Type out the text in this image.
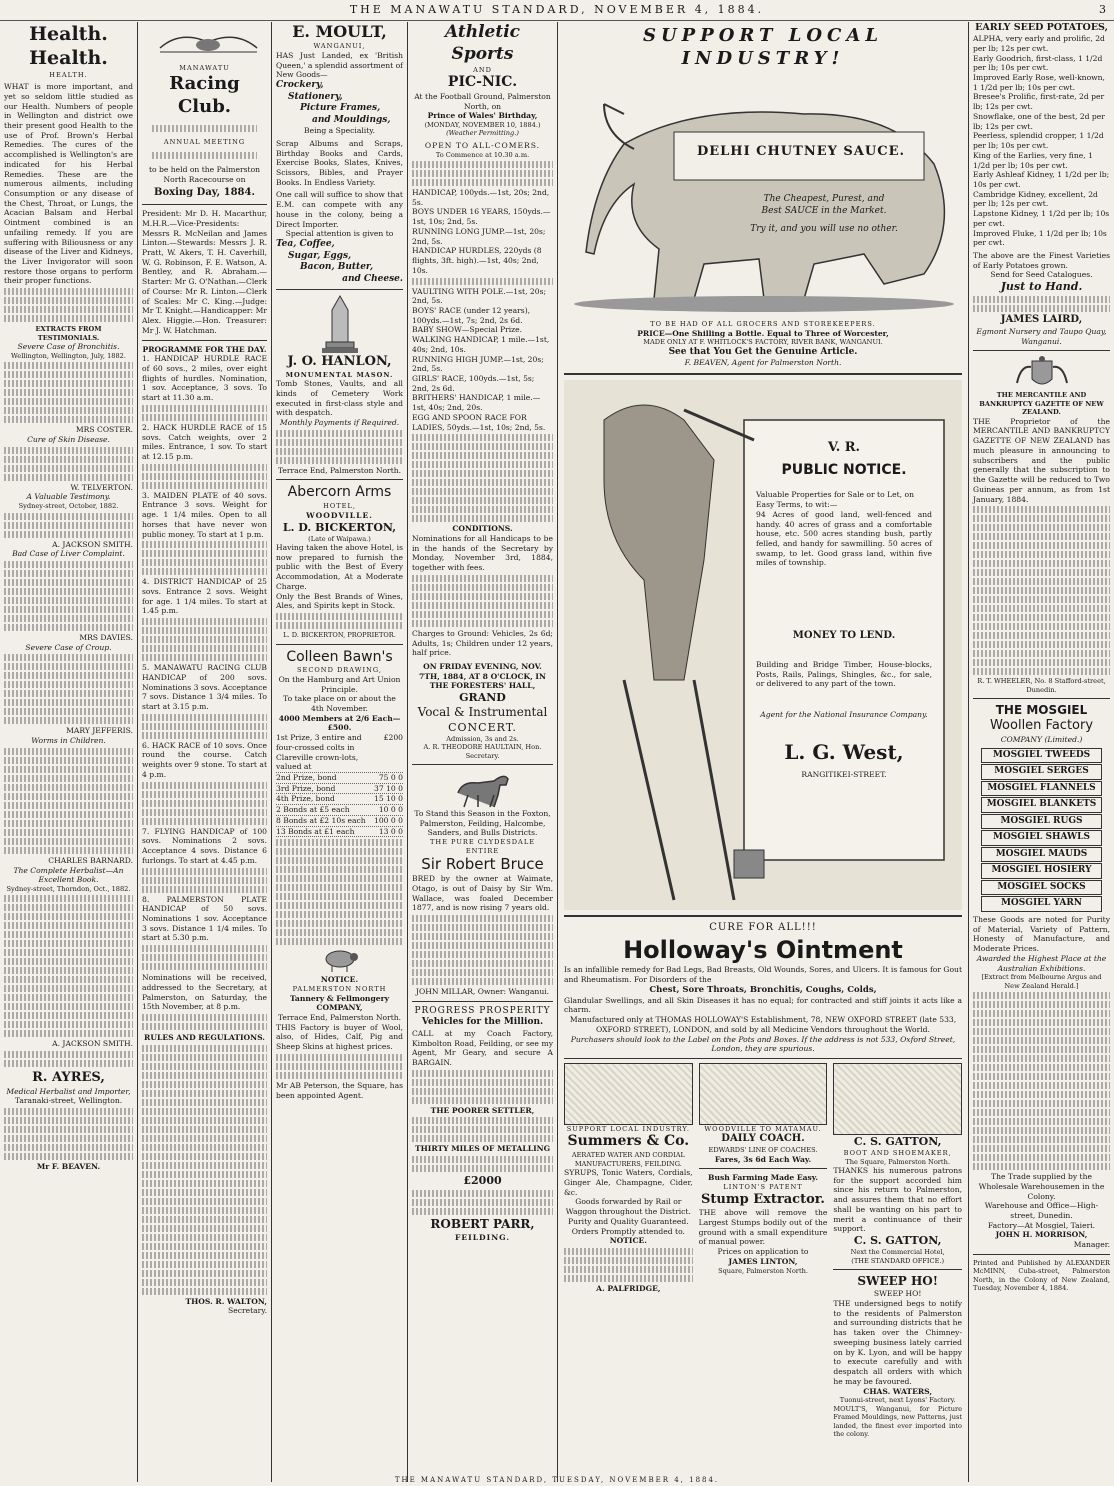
THE MANAWATU STANDARD, NOVEMBER 4, 1884.	3
Health. Health.
HEALTH.
WHAT is more important, and yet so seldom little studied as our Health. Numbers of people in Wellington and district owe their present good Health to the use of Prof. Brown's Herbal Remedies. The cures of the accomplished is Wellington's are indicated for his Herbal Remedies. These are the numerous ailments, including Consumption or any disease of the Chest, Throat, or Lungs, the Acacian Balsam and Herbal Ointment combined is an unfailing remedy. If you are suffering with Biliousness or any disease of the Liver and Kidneys, the Liver Invigorator will soon restore those organs to perform their proper functions.
EXTRACTS FROM TESTIMONIALS.
Severe Case of Bronchitis.
Wellington, Wellington, July, 1882.
MRS COSTER.
Cure of Skin Disease.
W. TELVERTON.
A Valuable Testimony.
Sydney-street, October, 1882.
A. JACKSON SMITH.
Bad Case of Liver Complaint.
MRS DAVIES.
Severe Case of Croup.
MARY JEFFERIS.
Worms in Children.
CHARLES BARNARD.
The Complete Herbalist—An Excellent Book.
Sydney-street, Thorndon, Oct., 1882.
A. JACKSON SMITH.
R. AYRES,
Medical Herbalist and Importer,
Taranaki-street, Wellington.
Mr F. BEAVEN.
MANAWATU
Racing Club.
ANNUAL MEETING
to be held on the Palmerston North Racecourse on
Boxing Day, 1884.
President: Mr D. H. Macarthur, M.H.R.—Vice-Presidents: Messrs R. McNeilan and James Linton.—Stewards: Messrs J. R. Pratt, W. Akers, T. H. Caverhill, W. G. Robinson, F. E. Watson, A. Bentley, and R. Abraham.—Starter: Mr G. O'Nathan.—Clerk of Course: Mr R. Linton.—Clerk of Scales: Mr C. King.—Judge: Mr T. Knight.—Handicapper: Mr Alex. Higgie.—Hon. Treasurer: Mr J. W. Hatchman.
PROGRAMME FOR THE DAY.
1. HANDICAP HURDLE RACE of 60 sovs., 2 miles, over eight flights of hurdles. Nomination, 1 sov. Acceptance, 3 sovs. To start at 11.30 a.m.
2. HACK HURDLE RACE of 15 sovs. Catch weights, over 2 miles. Entrance, 1 sov. To start at 12.15 p.m.
3. MAIDEN PLATE of 40 sovs. Entrance 3 sovs. Weight for age. 1 1/4 miles. Open to all horses that have never won public money. To start at 1 p.m.
4. DISTRICT HANDICAP of 25 sovs. Entrance 2 sovs. Weight for age. 1 1/4 miles. To start at 1.45 p.m.
5. MANAWATU RACING CLUB HANDICAP of 200 sovs. Nominations 3 sovs. Acceptance 7 sovs. Distance 1 3/4 miles. To start at 3.15 p.m.
6. HACK RACE of 10 sovs. Once round the course. Catch weights over 9 stone. To start at 4 p.m.
7. FLYING HANDICAP of 100 sovs. Nominations 2 sovs. Acceptance 4 sovs. Distance 6 furlongs. To start at 4.45 p.m.
8. PALMERSTON PLATE HANDICAP of 50 sovs. Nominations 1 sov. Acceptance 3 sovs. Distance 1 1/4 miles. To start at 5.30 p.m.
Nominations will be received, addressed to the Secretary, at Palmerston, on Saturday, the 15th November, at 8 p.m.
RULES AND REGULATIONS.
THOS. R. WALTON,
Secretary.
E. MOULT,
WANGANUI,
HAS Just Landed, ex 'British Queen,' a splendid assortment of New Goods—
Crockery,
Stationery,
Picture Frames,
and Mouldings,
Being a Speciality.
Scrap Albums and Scraps, Birthday Books and Cards, Exercise Books, Slates, Knives, Scissors, Bibles, and Prayer Books. In Endless Variety.
One call will suffice to show that E.M. can compete with any house in the colony, being a Direct Importer.
Special attention is given to
Tea, Coffee,
Sugar, Eggs,
Bacon, Butter,
and Cheese.
J. O. HANLON,
MONUMENTAL MASON.
Tomb Stones, Vaults, and all kinds of Cemetery Work executed in first-class style and with despatch.
Monthly Payments if Required.
Terrace End, Palmerston North.
Abercorn Arms
HOTEL,
WOODVILLE.
L. D. BICKERTON,
(Late of Waipawa.)
Having taken the above Hotel, is now prepared to furnish the public with the Best of Every Accommodation, At a Moderate Charge.
Only the Best Brands of Wines, Ales, and Spirits kept in Stock.
L. D. BICKERTON, PROPRIETOR.
Colleen Bawn's
SECOND DRAWING,
On the Hamburg and Art Union Principle.
To take place on or about the 4th November.
4000 Members at 2/6 Each—£500.
1st Prize, 3 entire and four-crossed colts in Clareville crown-lots, valued at
£200
2nd Prize, bond	75 0 0
3rd Prize, bond	37 10 0
4th Prize, bond	15 10 0
2 Bonds at £5 each	10 0 0
8 Bonds at £2 10s each	100 0 0
13 Bonds at £1 each	13 0 0
NOTICE.
PALMERSTON NORTH
Tannery & Fellmongery COMPANY,
Terrace End, Palmerston North.
THIS Factory is buyer of Wool, also, of Hides, Calf, Pig and Sheep Skins at highest prices.
Mr AB Peterson, the Square, has been appointed Agent.
Athletic Sports
AND
PIC-NIC.
At the Football Ground, Palmerston North, on
Prince of Wales' Birthday,
(MONDAY, NOVEMBER 10, 1884.)
(Weather Permitting.)
OPEN TO ALL-COMERS.
To Commence at 10.30 a.m.
HANDICAP, 100yds.—1st, 20s; 2nd, 5s.
BOYS UNDER 16 YEARS, 150yds.—1st, 10s; 2nd, 5s.
RUNNING LONG JUMP.—1st, 20s; 2nd, 5s.
HANDICAP HURDLES, 220yds (8 flights, 3ft. high).—1st, 40s; 2nd, 10s.
VAULTING WITH POLE.—1st, 20s; 2nd, 5s.
BOYS' RACE (under 12 years), 100yds.—1st, 7s; 2nd, 2s 6d.
BABY SHOW—Special Prize.
WALKING HANDICAP, 1 mile.—1st, 40s; 2nd, 10s.
RUNNING HIGH JUMP.—1st, 20s; 2nd, 5s.
GIRLS' RACE, 100yds.—1st, 5s; 2nd, 2s 6d.
BRITHERS' HANDICAP, 1 mile.—1st, 40s; 2nd, 20s.
EGG AND SPOON RACE FOR LADIES, 50yds.—1st, 10s; 2nd, 5s.
CONDITIONS.
Nominations for all Handicaps to be in the hands of the Secretary by Monday, November 3rd, 1884, together with fees.
Charges to Ground: Vehicles, 2s 6d; Adults, 1s; Children under 12 years, half price.
ON FRIDAY EVENING, NOV. 7TH, 1884, AT 8 O'CLOCK, IN THE FORESTERS' HALL,
GRAND
Vocal & Instrumental
CONCERT.
Admission, 3s and 2s.
A. R. THEODORE HAULTAIN, Hon. Secretary.
To Stand this Season in the Foxton, Palmerston, Feilding, Halcombe, Sanders, and Bulls Districts.
THE PURE CLYDESDALE ENTIRE
Sir Robert Bruce
BRED by the owner at Waimate, Otago, is out of Daisy by Sir Wm. Wallace, was foaled December 1877, and is now rising 7 years old.
JOHN MILLAR, Owner: Wanganui.
PROGRESS PROSPERITY
Vehicles for the Million.
CALL at my Coach Factory, Kimbolton Road, Feilding, or see my Agent, Mr Geary, and secure A BARGAIN.
THE POORER SETTLER,
THIRTY MILES OF METALLING
£2000
ROBERT PARR,
FEILDING.
SUPPORT LOCAL INDUSTRY!
DELHI CHUTNEY SAUCE.
The Cheapest, Purest, and
Best SAUCE in the Market.
Try it, and you will use no other.
TO BE HAD OF ALL GROCERS AND STOREKEEPERS.
PRICE—One Shilling a Bottle. Equal to Three of Worcester,
MADE ONLY AT F. WHITLOCK'S FACTORY, RIVER BANK, WANGANUI.
See that You Get the Genuine Article.
F. BEAVEN, Agent for Palmerston North.
V. R.
PUBLIC NOTICE.
Valuable Properties for Sale or to Let, on Easy Terms, to wit:—
94 Acres of good land, well-fenced and handy. 40 acres of grass and a comfortable house, etc. 500 acres standing bush, partly felled, and handy for sawmilling. 50 acres of swamp, to let. Good grass land, within five miles of township.
MONEY TO LEND.
Building and Bridge Timber, House-blocks, Posts, Rails, Palings, Shingles, &c., for sale, or delivered to any part of the town.
Agent for the National Insurance Company.
L. G. West,
RANGITIKEI-STREET.
CURE FOR ALL!!!
Holloway's Ointment
Is an infallible remedy for Bad Legs, Bad Breasts, Old Wounds, Sores, and Ulcers. It is famous for Gout and Rheumatism. For Disorders of the
Chest, Sore Throats, Bronchitis, Coughs, Colds,
Glandular Swellings, and all Skin Diseases it has no equal; for contracted and stiff joints it acts like a charm.
Manufactured only at THOMAS HOLLOWAY'S Establishment, 78, NEW OXFORD STREET (late 533, OXFORD STREET), LONDON, and sold by all Medicine Vendors throughout the World.
Purchasers should look to the Label on the Pots and Boxes. If the address is not 533, Oxford Street, London, they are spurious.
SUPPORT LOCAL INDUSTRY.
Summers & Co.
AERATED WATER AND CORDIAL MANUFACTURERS, FEILDING.
SYRUPS, Tonic Waters, Cordials, Ginger Ale, Champagne, Cider, &c.
Goods forwarded by Rail or Waggon throughout the District.
Purity and Quality Guaranteed.
Orders Promptly attended to.
NOTICE.
A. PALFRIDGE,
WOODVILLE TO MATAMAU.
DAILY COACH.
EDWARDS' LINE OF COACHES.
Fares, 3s 6d Each Way.
Bush Farming Made Easy.
LINTON'S PATENT
Stump Extractor.
THE above will remove the Largest Stumps bodily out of the ground with a small expenditure of manual power.
Prices on application to
JAMES LINTON,
Square, Palmerston North.
C. S. GATTON,
BOOT AND SHOEMAKER,
The Square, Palmerston North.
THANKS his numerous patrons for the support accorded him since his return to Palmerston, and assures them that no effort shall be wanting on his part to merit a continuance of their support.
C. S. GATTON,
Next the Commercial Hotel,
(THE STANDARD OFFICE.)
SWEEP HO!
SWEEP HO!
THE undersigned begs to notify to the residents of Palmerston and surrounding districts that he has taken over the Chimney-sweeping business lately carried on by K. Lyon, and will be happy to execute carefully and with despatch all orders with which he may be favoured.
CHAS. WATERS,
Tuonui-street, next Lyons' Factory.
MOULT'S, Wanganui, for Picture Framed Mouldings, new Patterns, just landed, the finest ever imported into the colony.
EARLY SEED POTATOES,
ALPHA, very early and prolific, 2d per lb; 12s per cwt.
Early Goodrich, first-class, 1 1/2d per lb; 10s per cwt.
Improved Early Rose, well-known, 1 1/2d per lb; 10s per cwt.
Bresee's Prolific, first-rate, 2d per lb; 12s per cwt.
Snowflake, one of the best, 2d per lb; 12s per cwt.
Peerless, splendid cropper, 1 1/2d per lb; 10s per cwt.
King of the Earlies, very fine, 1 1/2d per lb; 10s per cwt.
Early Ashleaf Kidney, 1 1/2d per lb; 10s per cwt.
Cambridge Kidney, excellent, 2d per lb; 12s per cwt.
Lapstone Kidney, 1 1/2d per lb; 10s per cwt.
Improved Fluke, 1 1/2d per lb; 10s per cwt.
The above are the Finest Varieties of Early Potatoes grown.
Send for Seed Catalogues.
Just to Hand.
JAMES LAIRD,
Egmont Nursery and Taupo Quay, Wanganui.
THE MERCANTILE AND BANKRUPTCY GAZETTE OF NEW ZEALAND.
THE Proprietor of the MERCANTILE AND BANKRUPTCY GAZETTE OF NEW ZEALAND has much pleasure in announcing to subscribers and the public generally that the subscription to the Gazette will be reduced to Two Guineas per annum, as from 1st January, 1884.
R. T. WHEELER, No. 8 Stafford-street, Dunedin.
THE MOSGIEL
Woollen Factory
COMPANY (Limited.)
MOSGIEL TWEEDS
MOSGIEL SERGES
MOSGIEL FLANNELS
MOSGIEL BLANKETS
MOSGIEL RUGS
MOSGIEL SHAWLS
MOSGIEL MAUDS
MOSGIEL HOSIERY
MOSGIEL SOCKS
MOSGIEL YARN
These Goods are noted for Purity of Material, Variety of Pattern, Honesty of Manufacture, and Moderate Prices.
Awarded the Highest Place at the Australian Exhibitions.
[Extract from Melbourne Argus and New Zealand Herald.]
The Trade supplied by the Wholesale Warehousemen in the Colony.
Warehouse and Office—High-street, Dunedin.
Factory—At Mosgiel, Taieri.
JOHN H. MORRISON,
Manager.
Printed and Published by ALEXANDER McMINN, Cuba-street, Palmerston North, in the Colony of New Zealand, Tuesday, November 4, 1884.
THE MANAWATU STANDARD, TUESDAY, NOVEMBER 4, 1884.
